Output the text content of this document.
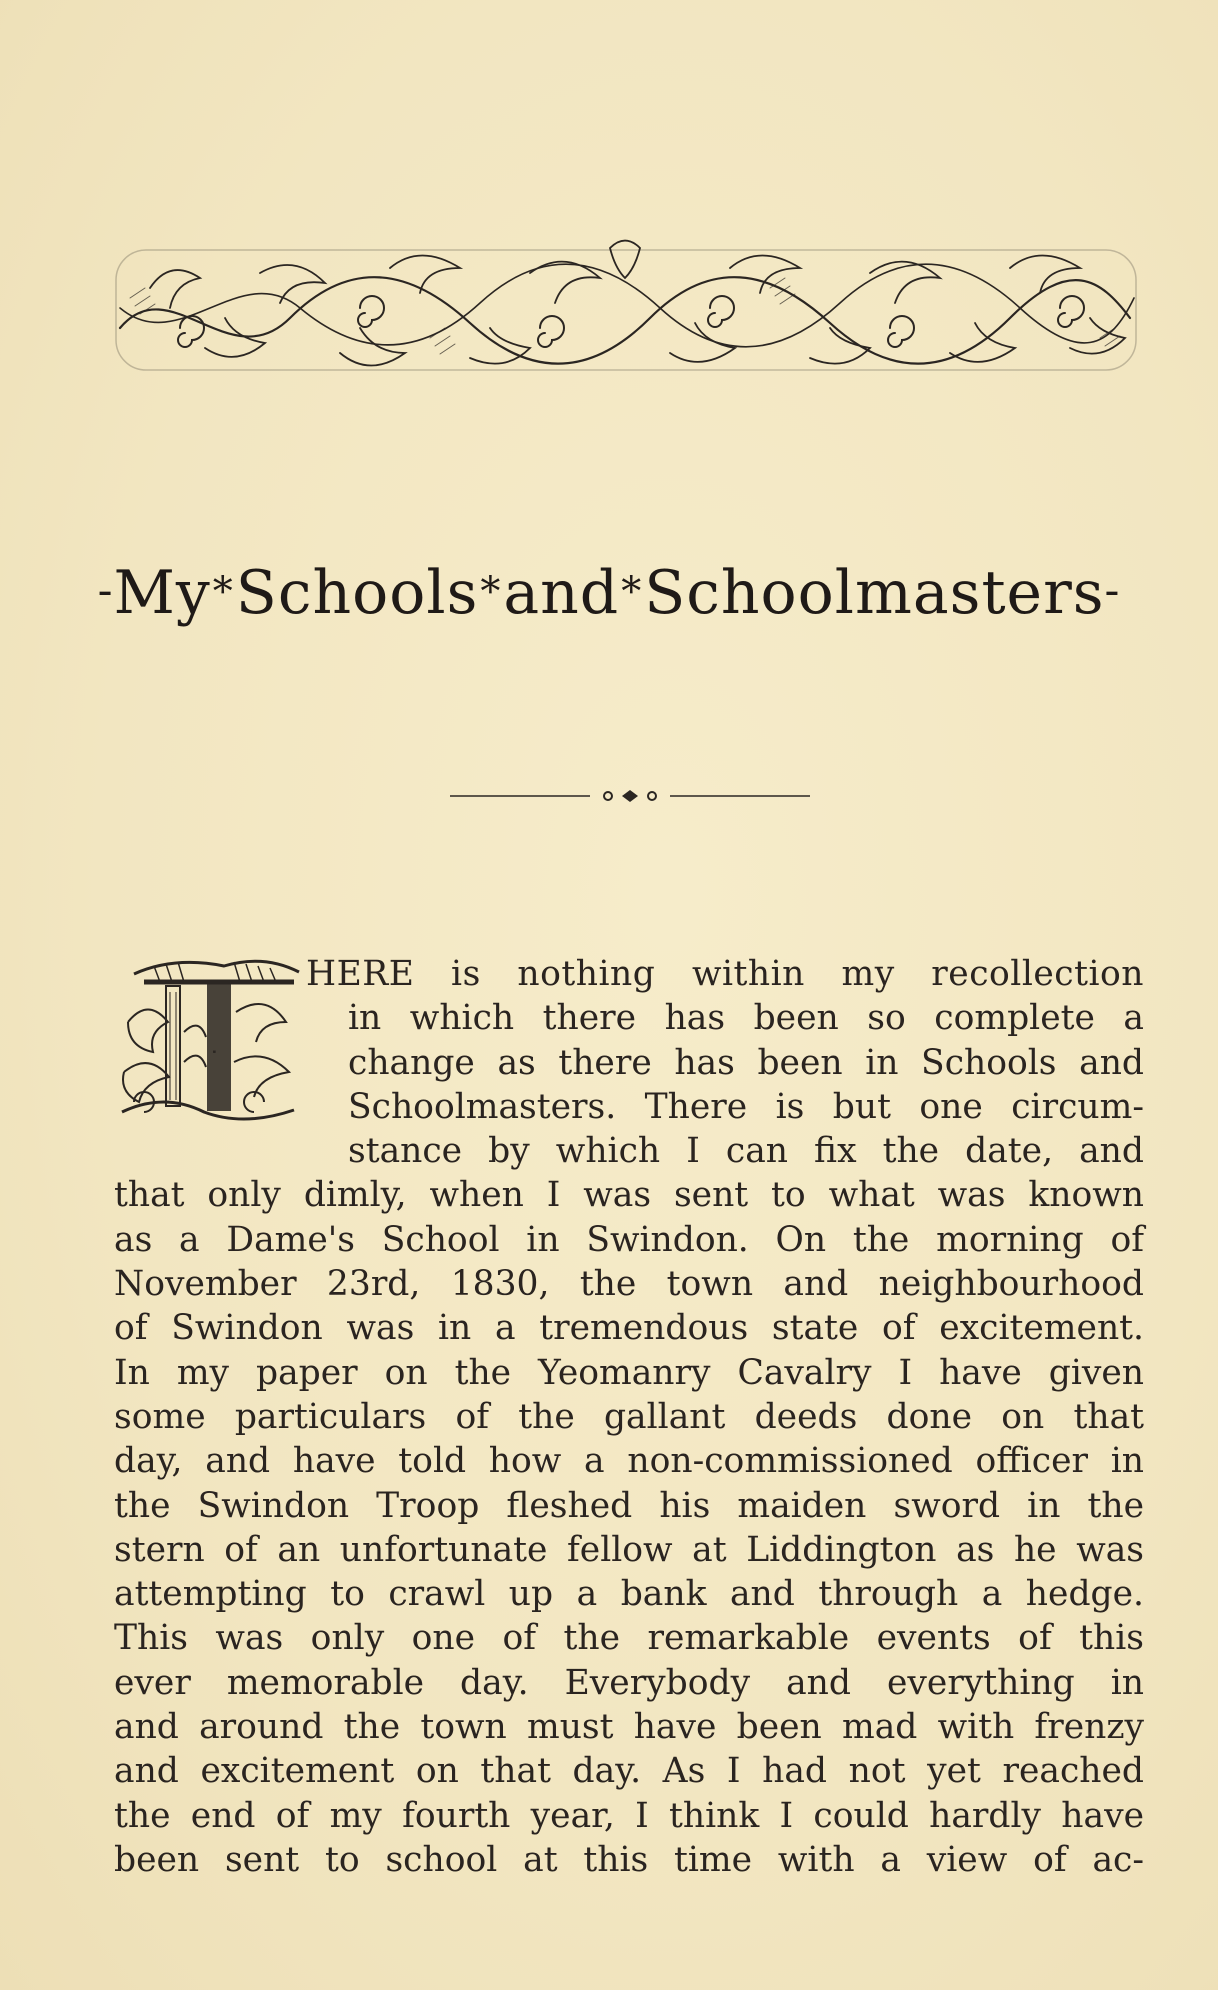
-My*Schools*and*Schoolmasters-
·o◆o·
T
HERE is nothing within my recollection
in which there has been so complete a
change as there has been in Schools and
Schoolmasters. There is but one circum-
stance by which I can fix the date, and
that only dimly, when I was sent to what was known
as a Dame's School in Swindon. On the morning of
November 23rd, 1830, the town and neighbourhood
of Swindon was in a tremendous state of excitement.
In my paper on the Yeomanry Cavalry I have given
some particulars of the gallant deeds done on that
day, and have told how a non-commissioned officer in
the Swindon Troop fleshed his maiden sword in the
stern of an unfortunate fellow at Liddington as he was
attempting to crawl up a bank and through a hedge.
This was only one of the remarkable events of this
ever memorable day. Everybody and everything in
and around the town must have been mad with frenzy
and excitement on that day. As I had not yet reached
the end of my fourth year, I think I could hardly have
been sent to school at this time with a view of ac-
